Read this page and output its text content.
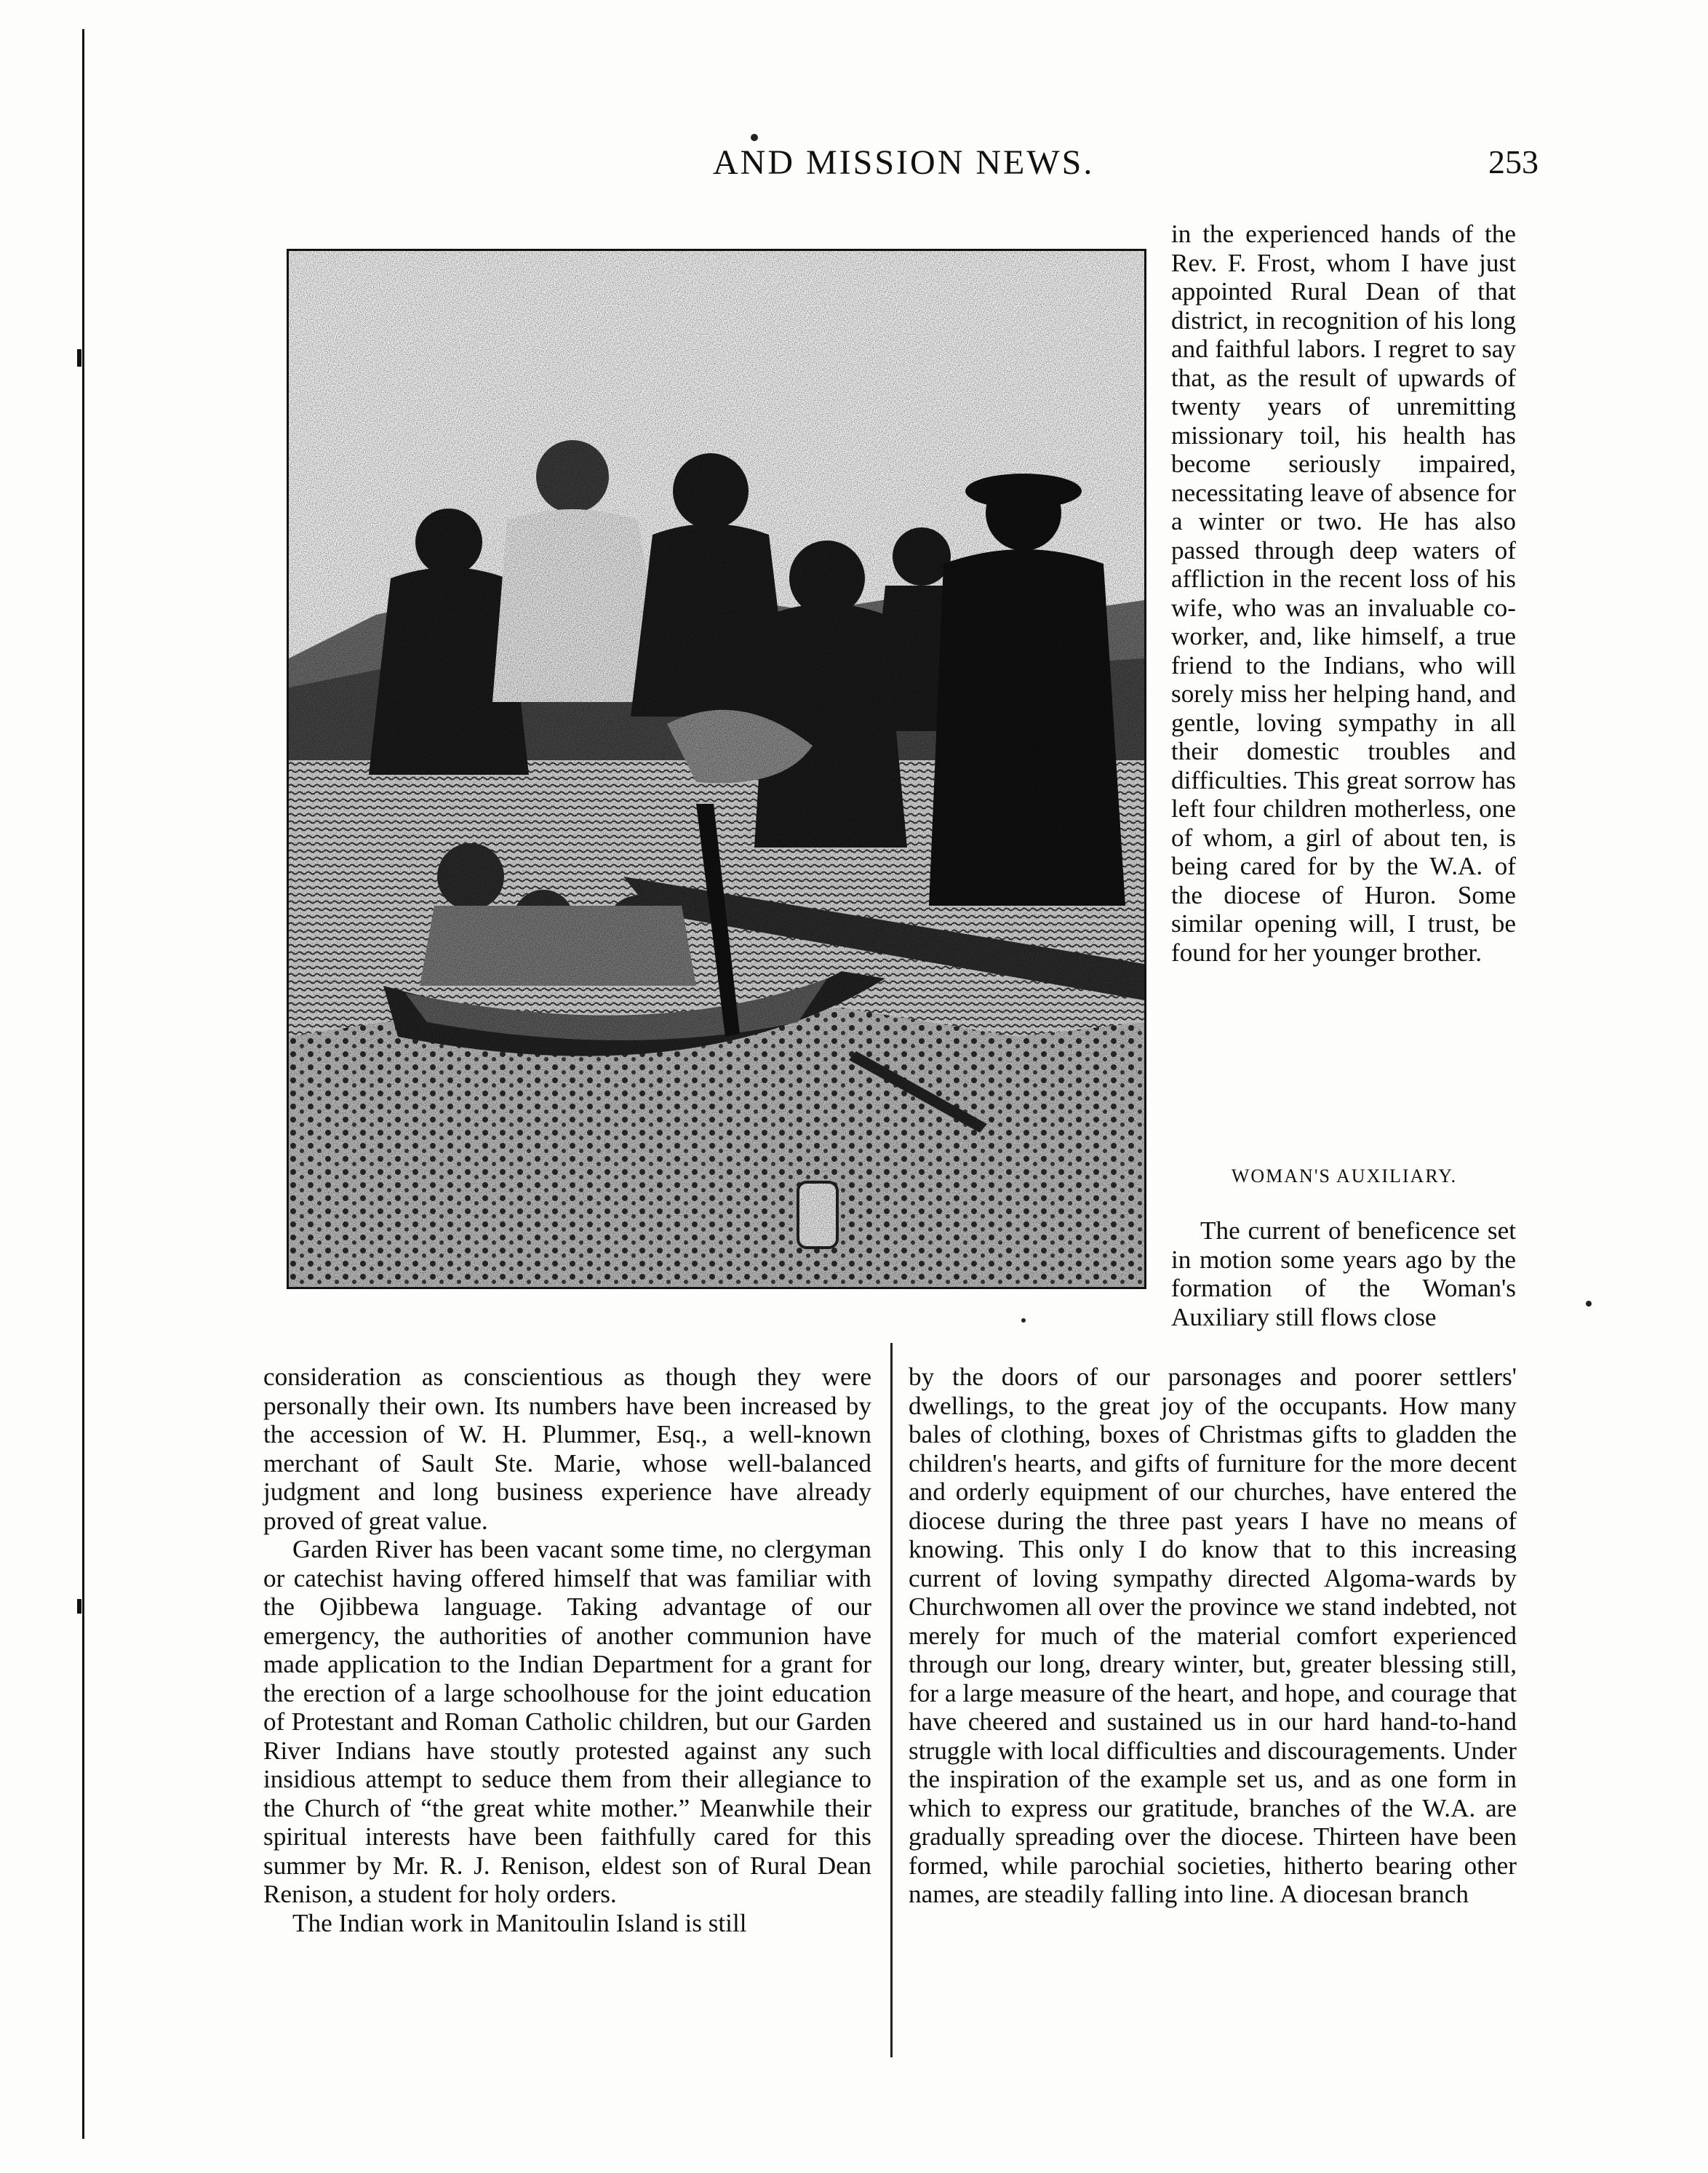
AND MISSION NEWS.	253

in the experienced hands of the Rev. F. Frost, whom I have just appointed Rural Dean of that district, in recognition of his long and faithful labors. I regret to say that, as the result of upwards of twenty years of unremitting missionary toil, his health has become seriously impaired, necessitating leave of absence for a winter or two. He has also passed through deep waters of affliction in the recent loss of his wife, who was an invaluable co-worker, and, like himself, a true friend to the Indians, who will sorely miss her helping hand, and gentle, loving sympathy in all their domestic troubles and difficulties. This great sorrow has left four children motherless, one of whom, a girl of about ten, is being cared for by the W.A. of the diocese of Huron. Some similar opening will, I trust, be found for her younger brother.

WOMAN'S AUXILIARY.

The current of beneficence set in motion some years ago by the formation of the Woman's Auxiliary still flows close

consideration as conscientious as though they were personally their own. Its numbers have been increased by the accession of W. H. Plummer, Esq., a well-known merchant of Sault Ste. Marie, whose well-balanced judgment and long business experience have already proved of great value.

Garden River has been vacant some time, no clergyman or catechist having offered himself that was familiar with the Ojibbewa language. Taking advantage of our emergency, the authorities of another communion have made application to the Indian Department for a grant for the erection of a large schoolhouse for the joint education of Protestant and Roman Catholic children, but our Garden River Indians have stoutly protested against any such insidious attempt to seduce them from their allegiance to the Church of “the great white mother.” Meanwhile their spiritual interests have been faithfully cared for this summer by Mr. R. J. Renison, eldest son of Rural Dean Renison, a student for holy orders.

The Indian work in Manitoulin Island is still

by the doors of our parsonages and poorer settlers' dwellings, to the great joy of the occupants. How many bales of clothing, boxes of Christmas gifts to gladden the children's hearts, and gifts of furniture for the more decent and orderly equipment of our churches, have entered the diocese during the three past years I have no means of knowing. This only I do know that to this increasing current of loving sympathy directed Algoma-wards by Churchwomen all over the province we stand indebted, not merely for much of the material comfort experienced through our long, dreary winter, but, greater blessing still, for a large measure of the heart, and hope, and courage that have cheered and sustained us in our hard hand-to-hand struggle with local difficulties and discouragements. Under the inspiration of the example set us, and as one form in which to express our gratitude, branches of the W.A. are gradually spreading over the diocese. Thirteen have been formed, while parochial societies, hitherto bearing other names, are steadily falling into line. A diocesan branch
